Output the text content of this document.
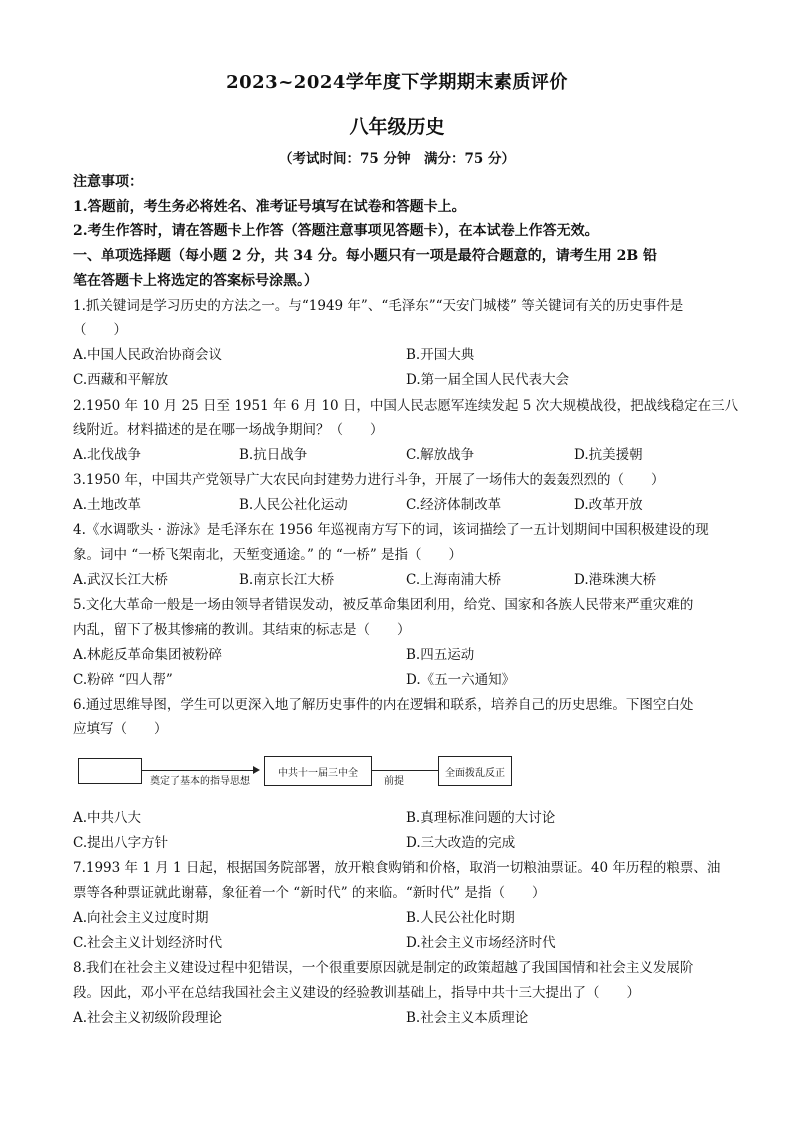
2023~2024学年度下学期期末素质评价
八年级历史
（考试时间：75 分钟　满分：75 分）
注意事项：
1.答题前，考生务必将姓名、准考证号填写在试卷和答题卡上。
2.考生作答时，请在答题卡上作答（答题注意事项见答题卡），在本试卷上作答无效。
一、单项选择题（每小题 2 分，共 34 分。每小题只有一项是最符合题意的，请考生用 2B 铅
笔在答题卡上将选定的答案标号涂黑。）
1.抓关键词是学习历史的方法之一。与“1949 年”、“毛泽东”“天安门城楼” 等关键词有关的历史事件是
（　　）
A.中国人民政治协商会议	B.开国大典
C.西藏和平解放	D.第一届全国人民代表大会
2.1950 年 10 月 25 日至 1951 年 6 月 10 日，中国人民志愿军连续发起 5 次大规模战役，把战线稳定在三八
线附近。材料描述的是在哪一场战争期间？（　　）
A.北伐战争	B.抗日战争	C.解放战争	D.抗美援朝
3.1950 年，中国共产党领导广大农民向封建势力进行斗争，开展了一场伟大的轰轰烈烈的（　　）
A.土地改革	B.人民公社化运动	C.经济体制改革	D.改革开放
4.《水调歌头 · 游泳》是毛泽东在 1956 年巡视南方写下的词，该词描绘了一五计划期间中国积极建设的现
象。词中 “一桥飞架南北，天堑变通途。” 的 “一桥” 是指（　　）
A.武汉长江大桥	B.南京长江大桥	C.上海南浦大桥	D.港珠澳大桥
5.文化大革命一般是一场由领导者错误发动，被反革命集团利用，给党、国家和各族人民带来严重灾难的
内乱，留下了极其惨痛的教训。其结束的标志是（　　）
A.林彪反革命集团被粉碎	B.四五运动
C.粉碎 “四人帮”	D.《五一六通知》
6.通过思维导图，学生可以更深入地了解历史事件的内在逻辑和联系，培养自己的历史思维。下图空白处
应填写（　　）
奠定了基本的指导思想
中共十一届三中全
前提
全面拨乱反正
A.中共八大	B.真理标准问题的大讨论
C.提出八字方针	D.三大改造的完成
7.1993 年 1 月 1 日起，根据国务院部署，放开粮食购销和价格，取消一切粮油票证。40 年历程的粮票、油
票等各种票证就此谢幕，象征着一个 “新时代” 的来临。“新时代” 是指（　　）
A.向社会主义过度时期	B.人民公社化时期
C.社会主义计划经济时代	D.社会主义市场经济时代
8.我们在社会主义建设过程中犯错误，一个很重要原因就是制定的政策超越了我国国情和社会主义发展阶
段。因此，邓小平在总结我国社会主义建设的经验教训基础上，指导中共十三大提出了（　　）
A.社会主义初级阶段理论	B.社会主义本质理论
